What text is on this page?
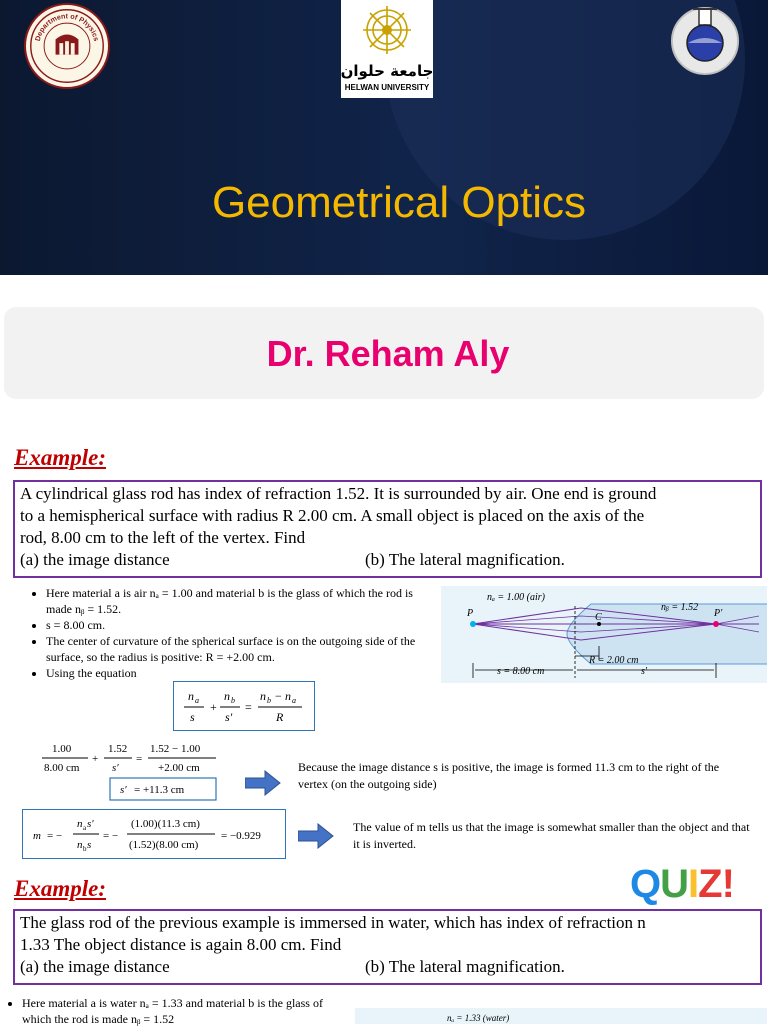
Department of Physics
جامعة حلوان
HELWAN UNIVERSITY
Geometrical Optics
Dr. Reham Aly
Example:
A cylindrical glass rod has index of refraction 1.52. It is surrounded by air. One end is ground
to a hemispherical surface with radius R 2.00 cm. A small object is placed on the axis of the
rod, 8.00 cm to the left of the vertex. Find
(a) the image distance	(b) The lateral magnification.
• Here material a is air nₐ = 1.00 and material b is the glass of which the rod is made nᵦ = 1.52.
• s = 8.00 cm.
• The center of curvature of the spherical surface is on the outgoing side of the surface, so the radius is positive: R = +2.00 cm.
• Using the equation
n a
s
+
n b
s′
=
n b − n a
R
1.00
8.00 cm
+
1.52
s′
=
1.52 − 1.00
+2.00 cm
s′ = +11.3 cm
Because the image distance s is positive, the image is formed 11.3 cm to the right of the vertex (on the outgoing side)
m = −
n a s′
n b s
= −
(1.00)(11.3 cm)
(1.52)(8.00 cm)
= −0.929
The value of m tells us that the image is somewhat smaller than the object and that it is inverted.
nₐ = 1.00 (air)
nᵦ = 1.52
P	C	P′
R = 2.00 cm
s = 8.00 cm	s′
Example:	QUIZ!
The glass rod of the previous example is immersed in water, which has index of refraction n
1.33 The object distance is again 8.00 cm. Find
(a) the image distance	(b) The lateral magnification.
• Here material a is water nₐ = 1.33 and material b is the glass of which the rod is made nᵦ = 1.52	nₐ = 1.33 (water)
